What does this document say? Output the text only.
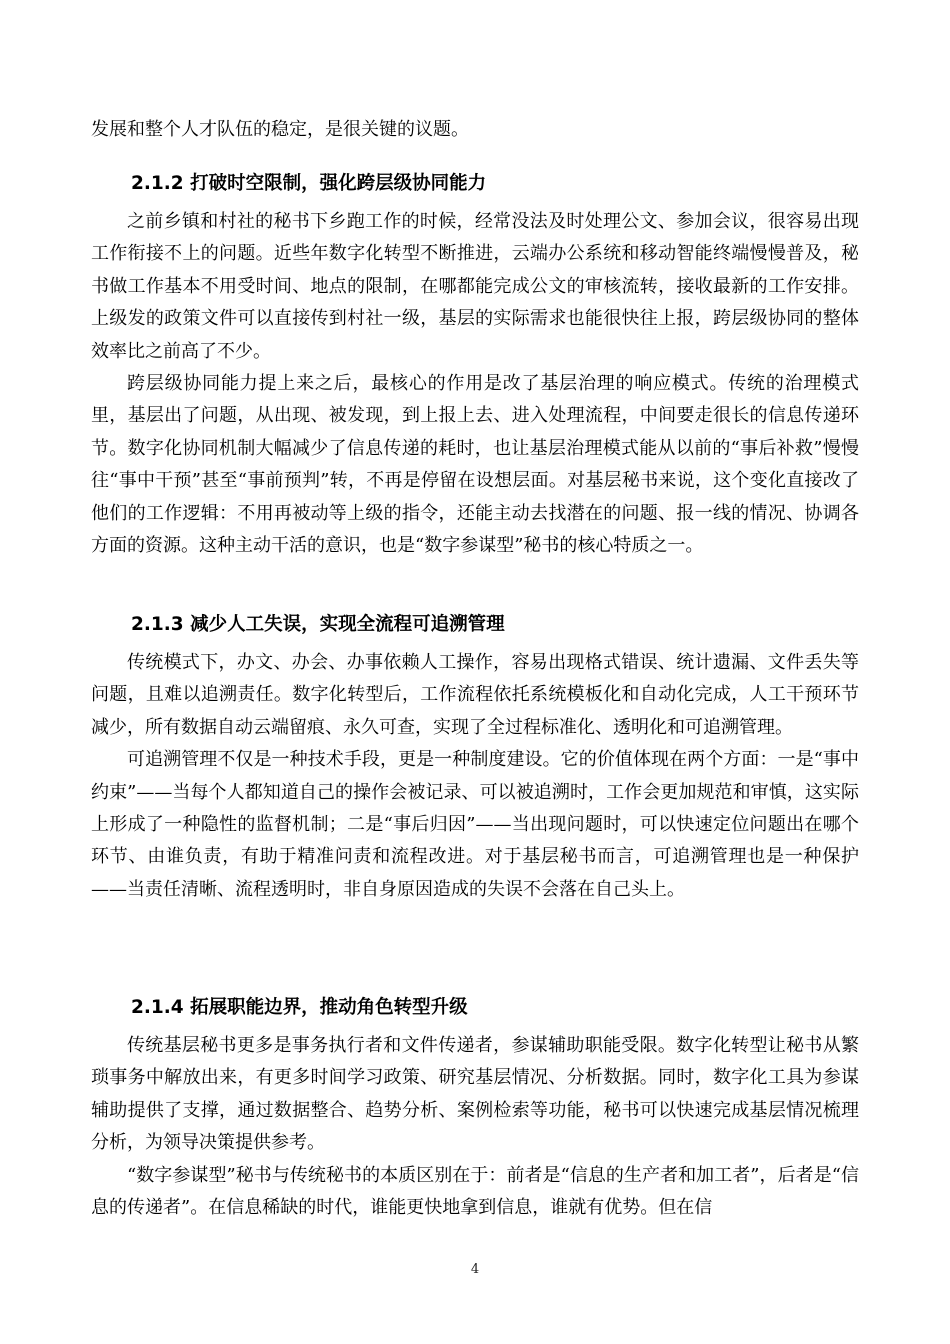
发展和整个人才队伍的稳定，是很关键的议题。

2.1.2 打破时空限制，强化跨层级协同能力

之前乡镇和村社的秘书下乡跑工作的时候，经常没法及时处理公文、参加会议，很容易出现工作衔接不上的问题。近些年数字化转型不断推进，云端办公系统和移动智能终端慢慢普及，秘书做工作基本不用受时间、地点的限制，在哪都能完成公文的审核流转，接收最新的工作安排。上级发的政策文件可以直接传到村社一级，基层的实际需求也能很快往上报，跨层级协同的整体效率比之前高了不少。

跨层级协同能力提上来之后，最核心的作用是改了基层治理的响应模式。传统的治理模式里，基层出了问题，从出现、被发现，到上报上去、进入处理流程，中间要走很长的信息传递环节。数字化协同机制大幅减少了信息传递的耗时，也让基层治理模式能从以前的“事后补救”慢慢往“事中干预”甚至“事前预判”转，不再是停留在设想层面。对基层秘书来说，这个变化直接改了他们的工作逻辑：不用再被动等上级的指令，还能主动去找潜在的问题、报一线的情况、协调各方面的资源。这种主动干活的意识，也是“数字参谋型”秘书的核心特质之一。

2.1.3 减少人工失误，实现全流程可追溯管理

传统模式下，办文、办会、办事依赖人工操作，容易出现格式错误、统计遗漏、文件丢失等问题，且难以追溯责任。数字化转型后，工作流程依托系统模板化和自动化完成，人工干预环节减少，所有数据自动云端留痕、永久可查，实现了全过程标准化、透明化和可追溯管理。

可追溯管理不仅是一种技术手段，更是一种制度建设。它的价值体现在两个方面：一是“事中约束”——当每个人都知道自己的操作会被记录、可以被追溯时，工作会更加规范和审慎，这实际上形成了一种隐性的监督机制；二是“事后归因”——当出现问题时，可以快速定位问题出在哪个环节、由谁负责，有助于精准问责和流程改进。对于基层秘书而言，可追溯管理也是一种保护——当责任清晰、流程透明时，非自身原因造成的失误不会落在自己头上。

2.1.4 拓展职能边界，推动角色转型升级

传统基层秘书更多是事务执行者和文件传递者，参谋辅助职能受限。数字化转型让秘书从繁琐事务中解放出来，有更多时间学习政策、研究基层情况、分析数据。同时，数字化工具为参谋辅助提供了支撑，通过数据整合、趋势分析、案例检索等功能，秘书可以快速完成基层情况梳理分析，为领导决策提供参考。

“数字参谋型”秘书与传统秘书的本质区别在于：前者是“信息的生产者和加工者”，后者是“信息的传递者”。在信息稀缺的时代，谁能更快地拿到信息，谁就有优势。但在信

4
